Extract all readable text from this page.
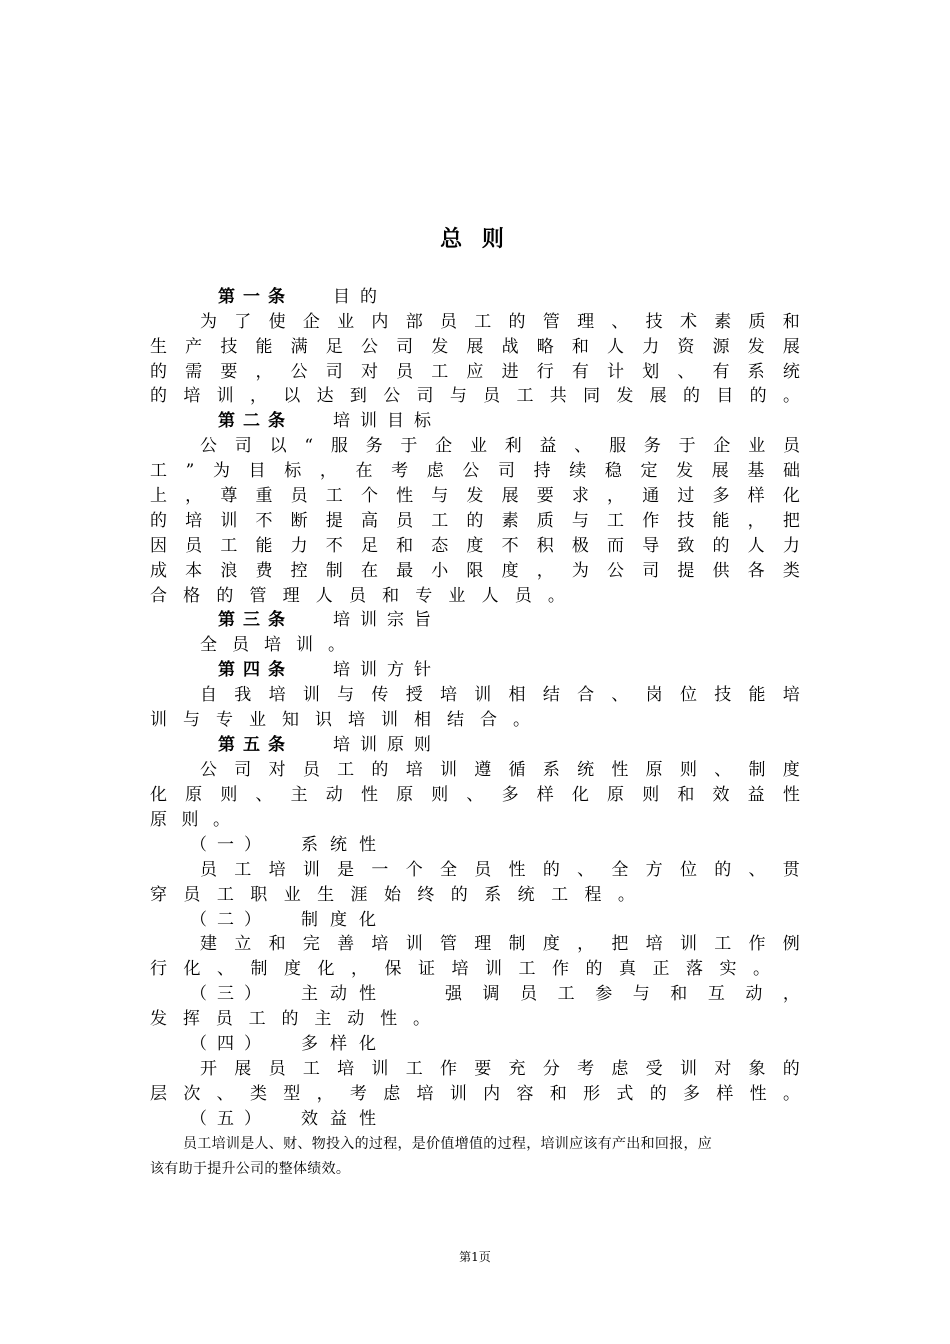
总 则
第一条 目的
为 了 使 企 业 内 部 员 工 的 管 理 、 技 术 素 质 和
生 产 技 能 满 足 公 司 发 展 战 略 和 人 力 资 源 发 展
的 需 要 ， 公 司 对 员 工 应 进 行 有 计 划 、 有 系 统
的 培 训 ， 以 达 到 公 司 与 员 工 共 同 发 展 的 目 的 。
第二条 培训目标
公 司 以 “ 服 务 于 企 业 利 益 、 服 务 于 企 业 员
工 ” 为 目 标 ， 在 考 虑 公 司 持 续 稳 定 发 展 基 础
上 ， 尊 重 员 工 个 性 与 发 展 要 求 ， 通 过 多 样 化
的 培 训 不 断 提 高 员 工 的 素 质 与 工 作 技 能 ， 把
因 员 工 能 力 不 足 和 态 度 不 积 极 而 导 致 的 人 力
成 本 浪 费 控 制 在 最 小 限 度 ， 为 公 司 提 供 各 类
合 格 的 管 理 人 员 和 专 业 人 员 。
第三条 培训宗旨
全 员 培 训 。
第四条 培训方针
自 我 培 训 与 传 授 培 训 相 结 合 、 岗 位 技 能 培
训 与 专 业 知 识 培 训 相 结 合 。
第五条 培训原则
公 司 对 员 工 的 培 训 遵 循 系 统 性 原 则 、 制 度
化 原 则 、 主 动 性 原 则 、 多 样 化 原 则 和 效 益 性
原 则 。
（一） 系统性
员 工 培 训 是 一 个 全 员 性 的 、 全 方 位 的 、 贯
穿 员 工 职 业 生 涯 始 终 的 系 统 工 程 。
（二） 制度化
建 立 和 完 善 培 训 管 理 制 度 ， 把 培 训 工 作 例
行 化 、 制 度 化 ， 保 证 培 训 工 作 的 真 正 落 实 。
（三） 主动性	强 调 员 工 参 与 和 互 动 ，
发 挥 员 工 的 主 动 性 。
（四） 多样化
开 展 员 工 培 训 工 作 要 充 分 考 虑 受 训 对 象 的
层 次 、 类 型 ， 考 虑 培 训 内 容 和 形 式 的 多 样 性 。
（五） 效益性
员工培训是人、财、物投入的过程，是价值增值的过程，培训应该有产出和回报，应
该有助于提升公司的整体绩效。
第1页
